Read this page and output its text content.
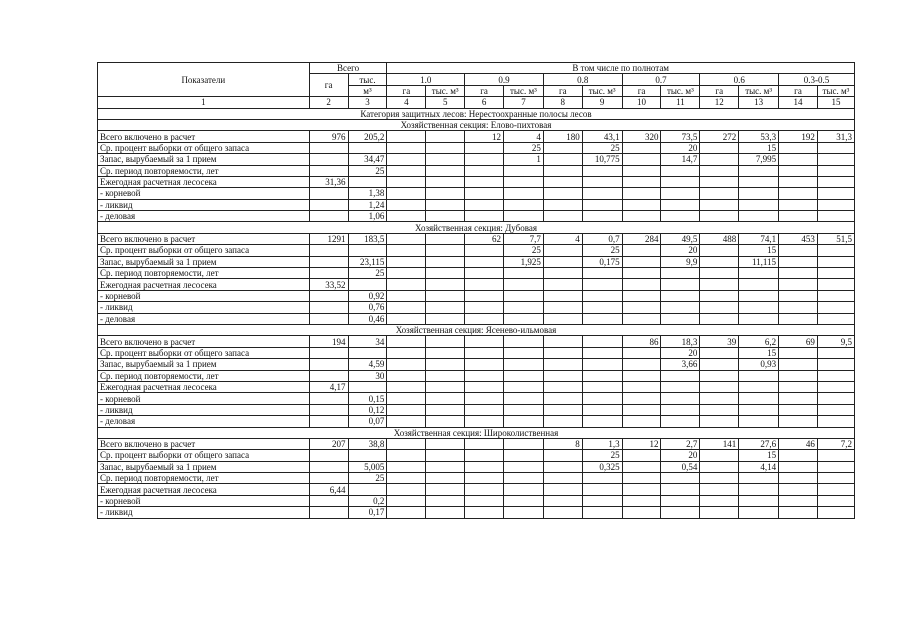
Показатели	Всего		В том числе по полнотам											
	га	тыс.	1.0		0.9		0.8		0.7		0.6		0.3-0.5	
		м³	га	тыс. м³	га	тыс. м³	га	тыс. м³	га	тыс. м³	га	тыс. м³	га	тыс. м³
1	2	3	4	5	6	7	8	9	10	11	12	13	14	15
Категория защитных лесов: Нерестоохранные полосы лесов														
Хозяйственная секция: Елово-пихтовая														
Всего включено в расчет	976	205,2			12	4	180	43,1	320	73,5	272	53,3	192	31,3
Ср. процент выборки от общего запаса						25		25		20		15		
Запас, вырубаемый за 1 прием		34,47				1		10,775		14,7		7,995		
Ср. период повторяемости, лет		25												
Ежегодная расчетная лесосека	31,36													
- корневой		1,38												
- ликвид		1,24												
- деловая		1,06												
Хозяйственная секция: Дубовая														
Всего включено в расчет	1291	183,5			62	7,7	4	0,7	284	49,5	488	74,1	453	51,5
Ср. процент выборки от общего запаса						25		25		20		15		
Запас, вырубаемый за 1 прием		23,115				1,925		0,175		9,9		11,115		
Ср. период повторяемости, лет		25												
Ежегодная расчетная лесосека	33,52													
- корневой		0,92												
- ликвид		0,76												
- деловая		0,46												
Хозяйственная секция: Ясенево-ильмовая														
Всего включено в расчет	194	34							86	18,3	39	6,2	69	9,5
Ср. процент выборки от общего запаса										20		15		
Запас, вырубаемый за 1 прием		4,59								3,66		0,93		
Ср. период повторяемости, лет		30												
Ежегодная расчетная лесосека	4,17													
- корневой		0,15												
- ликвид		0,12												
- деловая		0,07												
Хозяйственная секция: Широколиственная														
Всего включено в расчет	207	38,8					8	1,3	12	2,7	141	27,6	46	7,2
Ср. процент выборки от общего запаса								25		20		15		
Запас, вырубаемый за 1 прием		5,005						0,325		0,54		4,14		
Ср. период повторяемости, лет		25												
Ежегодная расчетная лесосека	6,44													
- корневой		0,2												
- ликвид		0,17												
